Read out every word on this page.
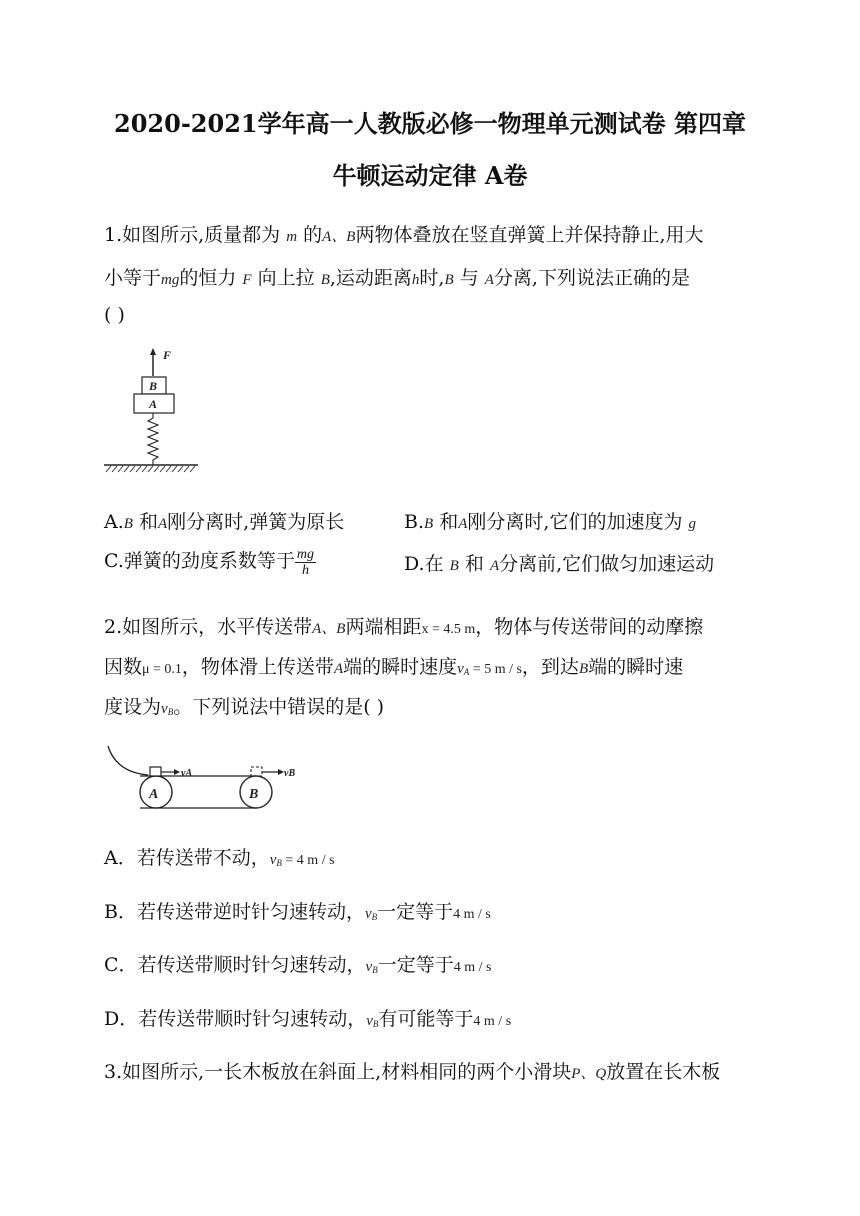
2020-2021学年高一人教版必修一物理单元测试卷 第四章
牛顿运动定律 A卷
1.如图所示,质量都为 m 的A、B两物体叠放在竖直弹簧上并保持静止,用大
小等于mg的恒力 F 向上拉 B,运动距离h时,B 与 A分离,下列说法正确的是
( )
F
B
A
A.B 和A刚分离时,弹簧为原长	B.B 和A刚分离时,它们的加速度为 g
C.弹簧的劲度系数等于 $\frac{mg}{h}$	D.在 B 和 A分离前,它们做匀加速运动
2.如图所示，水平传送带A、B两端相距x = 4.5 m，物体与传送带间的动摩擦
因数μ = 0.1，物体滑上传送带A端的瞬时速度$v_A = 5$ m / s，到达B端的瞬时速
度设为$v_B$。下列说法中错误的是( )
A	B
vA	vB
A．若传送带不动，$v_B = 4$ m / s
B．若传送带逆时针匀速转动，$v_B$一定等于4 m / s
C．若传送带顺时针匀速转动，$v_B$一定等于4 m / s
D．若传送带顺时针匀速转动，$v_B$有可能等于4 m / s
3.如图所示,一长木板放在斜面上,材料相同的两个小滑块P、Q放置在长木板
